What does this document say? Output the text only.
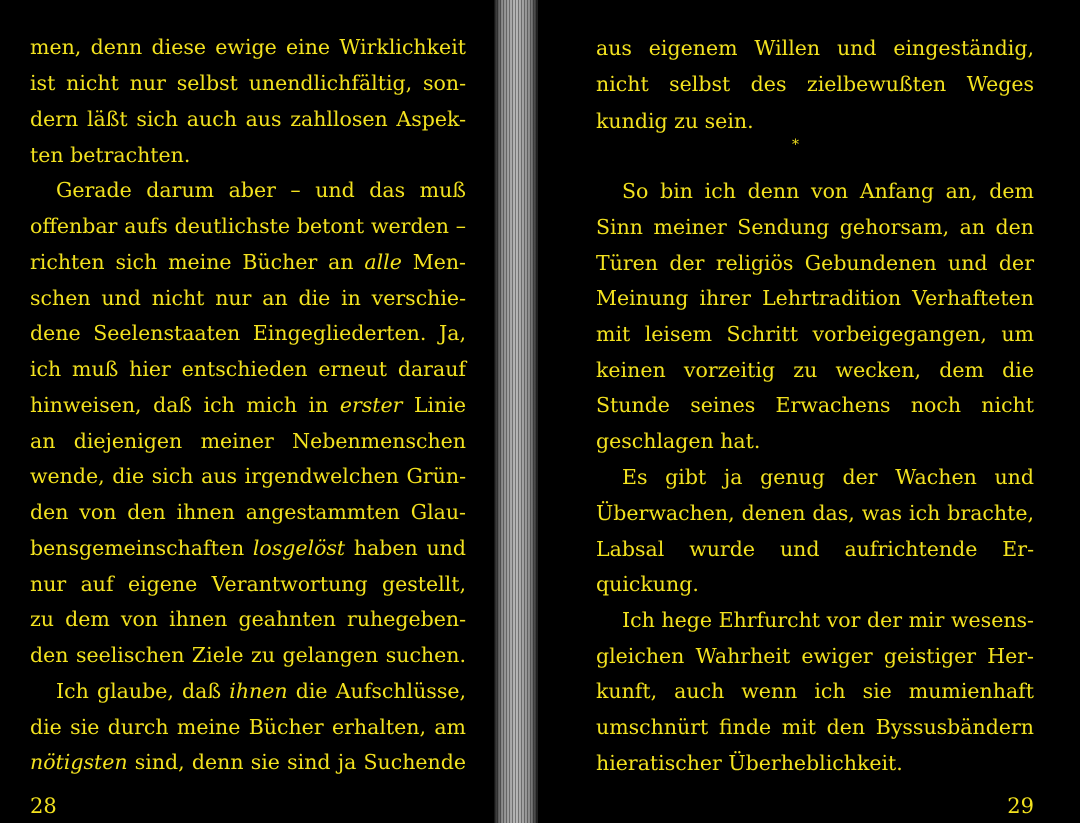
men, denn diese ewige eine Wirklichkeit
ist nicht nur selbst unendlichfältig, son-
dern läßt sich auch aus zahllosen Aspek-
ten betrachten.
Gerade darum aber – und das muß
offenbar aufs deutlichste betont werden –
richten sich meine Bücher an alle Men-
schen und nicht nur an die in verschie-
dene Seelenstaaten Eingegliederten. Ja,
ich muß hier entschieden erneut darauf
hinweisen, daß ich mich in erster Linie
an diejenigen meiner Nebenmenschen
wende, die sich aus irgendwelchen Grün-
den von den ihnen angestammten Glau-
bensgemeinschaften losgelöst haben und
nur auf eigene Verantwortung gestellt,
zu dem von ihnen geahnten ruhegeben-
den seelischen Ziele zu gelangen suchen.
Ich glaube, daß ihnen die Aufschlüsse,
die sie durch meine Bücher erhalten, am
nötigsten sind, denn sie sind ja Suchende
28
aus eigenem Willen und eingeständig,
nicht selbst des zielbewußten Weges
kundig zu sein.
*
So bin ich denn von Anfang an, dem
Sinn meiner Sendung gehorsam, an den
Türen der religiös Gebundenen und der
Meinung ihrer Lehrtradition Verhafteten
mit leisem Schritt vorbeigegangen, um
keinen vorzeitig zu wecken, dem die
Stunde seines Erwachens noch nicht
geschlagen hat.
Es gibt ja genug der Wachen und
Überwachen, denen das, was ich brachte,
Labsal wurde und aufrichtende Er-
quickung.
Ich hege Ehrfurcht vor der mir wesens-
gleichen Wahrheit ewiger geistiger Her-
kunft, auch wenn ich sie mumienhaft
umschnürt finde mit den Byssusbändern
hieratischer Überheblichkeit.
29
